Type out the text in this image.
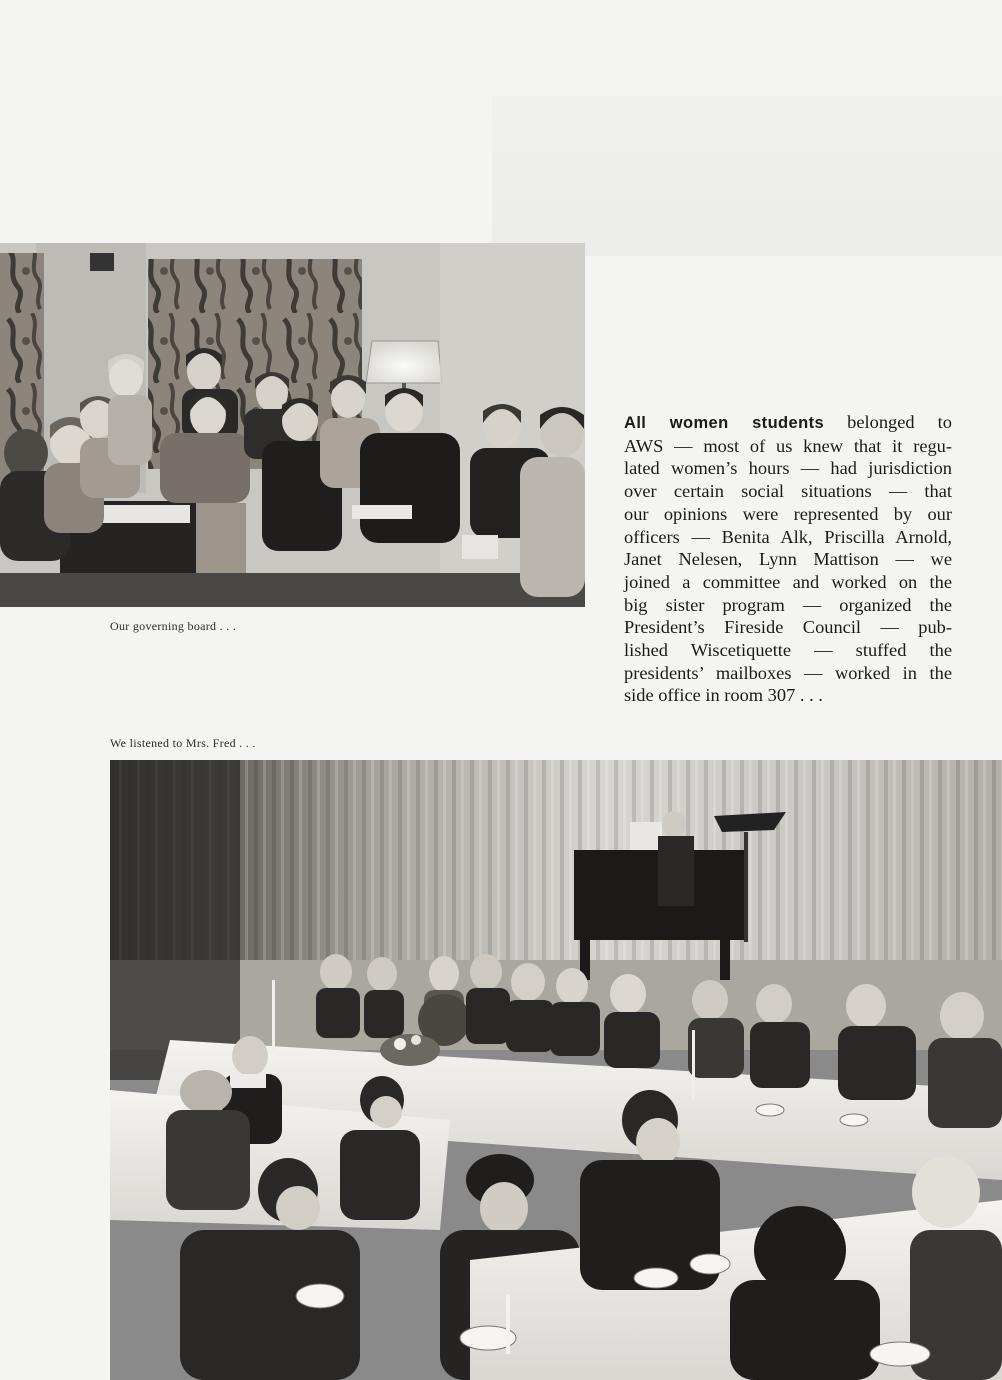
Our governing board . . .
All women students belonged to
AWS — most of us knew that it regu-
lated women’s hours — had jurisdiction
over certain social situations — that
our opinions were represented by our
officers — Benita Alk, Priscilla Arnold,
Janet Nelesen, Lynn Mattison — we
joined a committee and worked on the
big sister program — organized the
President’s Fireside Council — pub-
lished Wiscetiquette — stuffed the
presidents’ mailboxes — worked in the
side office in room 307 . . .
We listened to Mrs. Fred . . .
